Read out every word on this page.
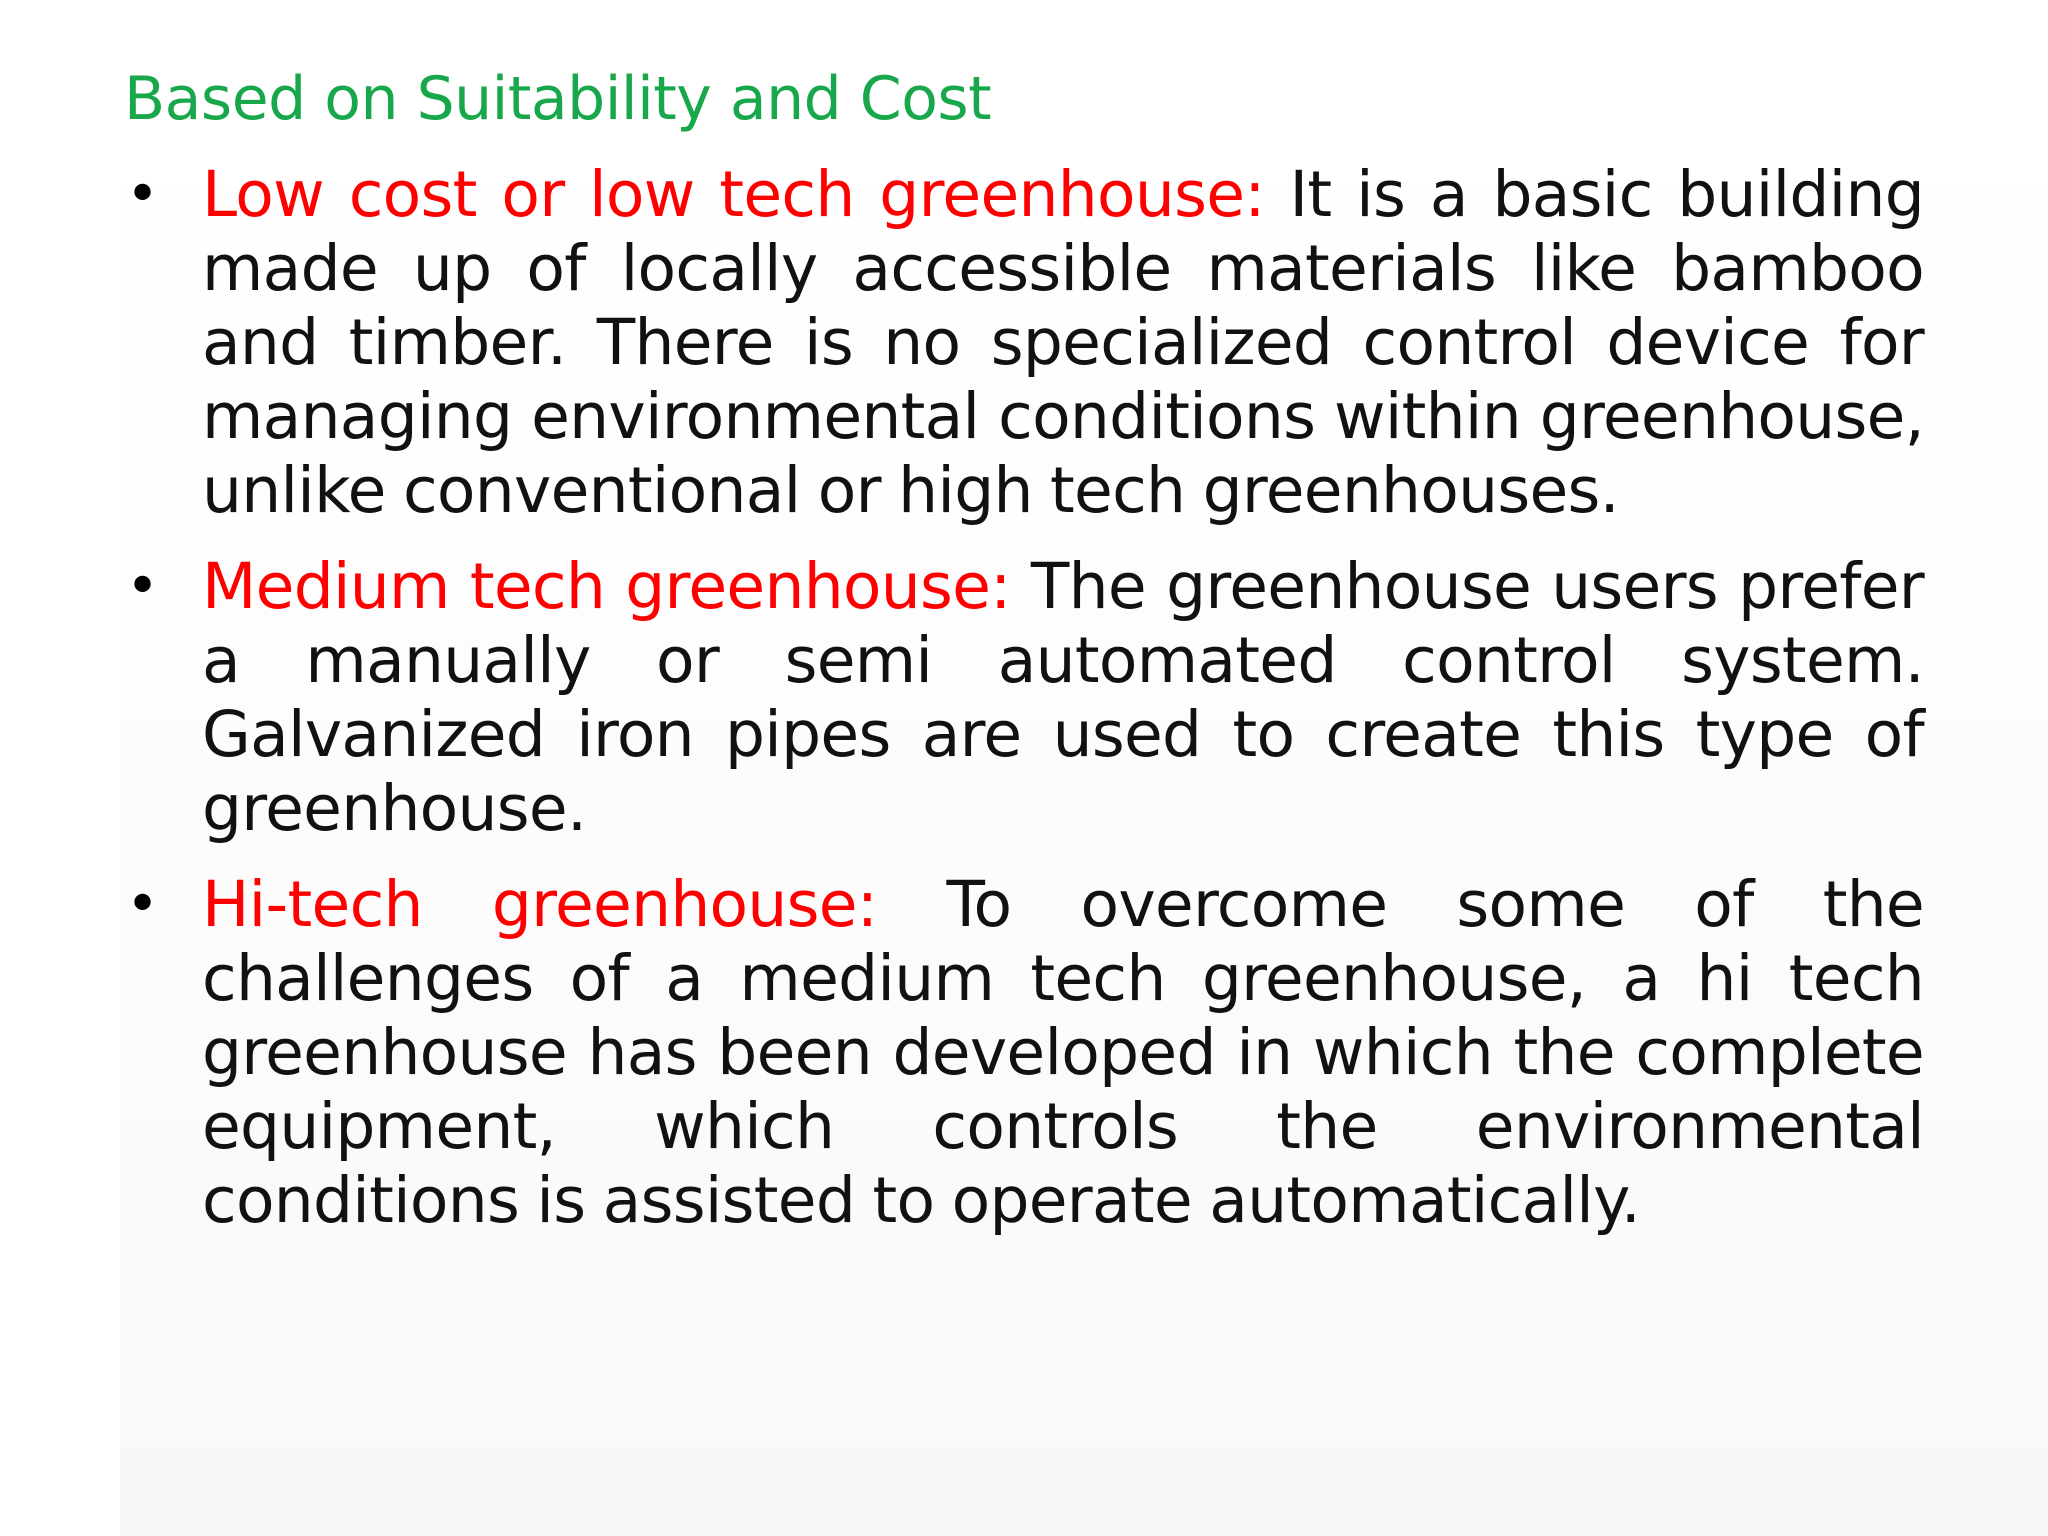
Based on Suitability and Cost
• Low cost or low tech greenhouse: It is a basic building made up of locally accessible materials like bamboo and timber. There is no specialized control device for managing environmental conditions within greenhouse, unlike conventional or high tech greenhouses.
• Medium tech greenhouse: The greenhouse users prefer a manually or semi automated control system. Galvanized iron pipes are used to create this type of greenhouse.
• Hi-tech greenhouse: To overcome some of the challenges of a medium tech greenhouse, a hi tech greenhouse has been developed in which the complete equipment, which controls the environmental conditions is assisted to operate automatically.
